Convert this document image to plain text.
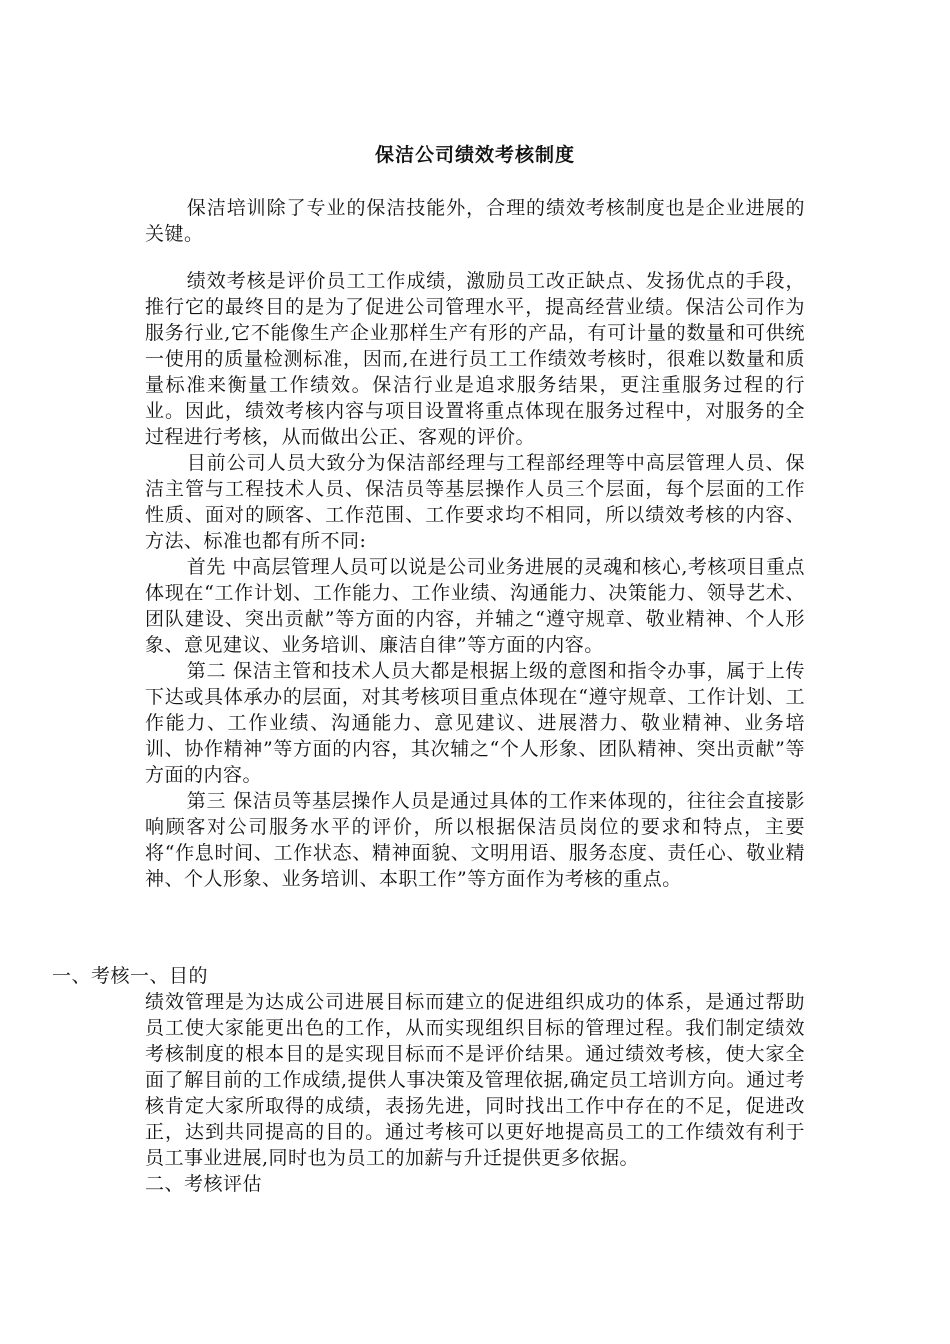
保洁公司绩效考核制度

保洁培训除了专业的保洁技能外，合理的绩效考核制度也是企业进展的关键。

绩效考核是评价员工工作成绩，激励员工改正缺点、发扬优点的手段，推行它的最终目的是为了促进公司管理水平，提高经营业绩。保洁公司作为服务行业,它不能像生产企业那样生产有形的产品，有可计量的数量和可供统一使用的质量检测标准，因而,在进行员工工作绩效考核时，很难以数量和质量标准来衡量工作绩效。保洁行业是追求服务结果，更注重服务过程的行业。因此，绩效考核内容与项目设置将重点体现在服务过程中，对服务的全过程进行考核，从而做出公正、客观的评价。

目前公司人员大致分为保洁部经理与工程部经理等中高层管理人员、保洁主管与工程技术人员、保洁员等基层操作人员三个层面，每个层面的工作性质、面对的顾客、工作范围、工作要求均不相同，所以绩效考核的内容、方法、标准也都有所不同:

首先 中高层管理人员可以说是公司业务进展的灵魂和核心,考核项目重点体现在“工作计划、工作能力、工作业绩、沟通能力、决策能力、领导艺术、团队建设、突出贡献”等方面的内容，并辅之“遵守规章、敬业精神、个人形象、意见建议、业务培训、廉洁自律”等方面的内容。

第二 保洁主管和技术人员大都是根据上级的意图和指令办事，属于上传下达或具体承办的层面，对其考核项目重点体现在“遵守规章、工作计划、工作能力、工作业绩、沟通能力、意见建议、进展潜力、敬业精神、业务培训、协作精神”等方面的内容，其次辅之“个人形象、团队精神、突出贡献”等方面的内容。

第三 保洁员等基层操作人员是通过具体的工作来体现的，往往会直接影响顾客对公司服务水平的评价，所以根据保洁员岗位的要求和特点，主要将“作息时间、工作状态、精神面貌、文明用语、服务态度、责任心、敬业精神、个人形象、业务培训、本职工作”等方面作为考核的重点。

一、考核一、目的

绩效管理是为达成公司进展目标而建立的促进组织成功的体系，是通过帮助员工使大家能更出色的工作，从而实现组织目标的管理过程。我们制定绩效考核制度的根本目的是实现目标而不是评价结果。通过绩效考核，使大家全面了解目前的工作成绩,提供人事决策及管理依据,确定员工培训方向。通过考核肯定大家所取得的成绩，表扬先进，同时找出工作中存在的不足，促进改正，达到共同提高的目的。通过考核可以更好地提高员工的工作绩效有利于员工事业进展,同时也为员工的加薪与升迁提供更多依据。

二、考核评估
